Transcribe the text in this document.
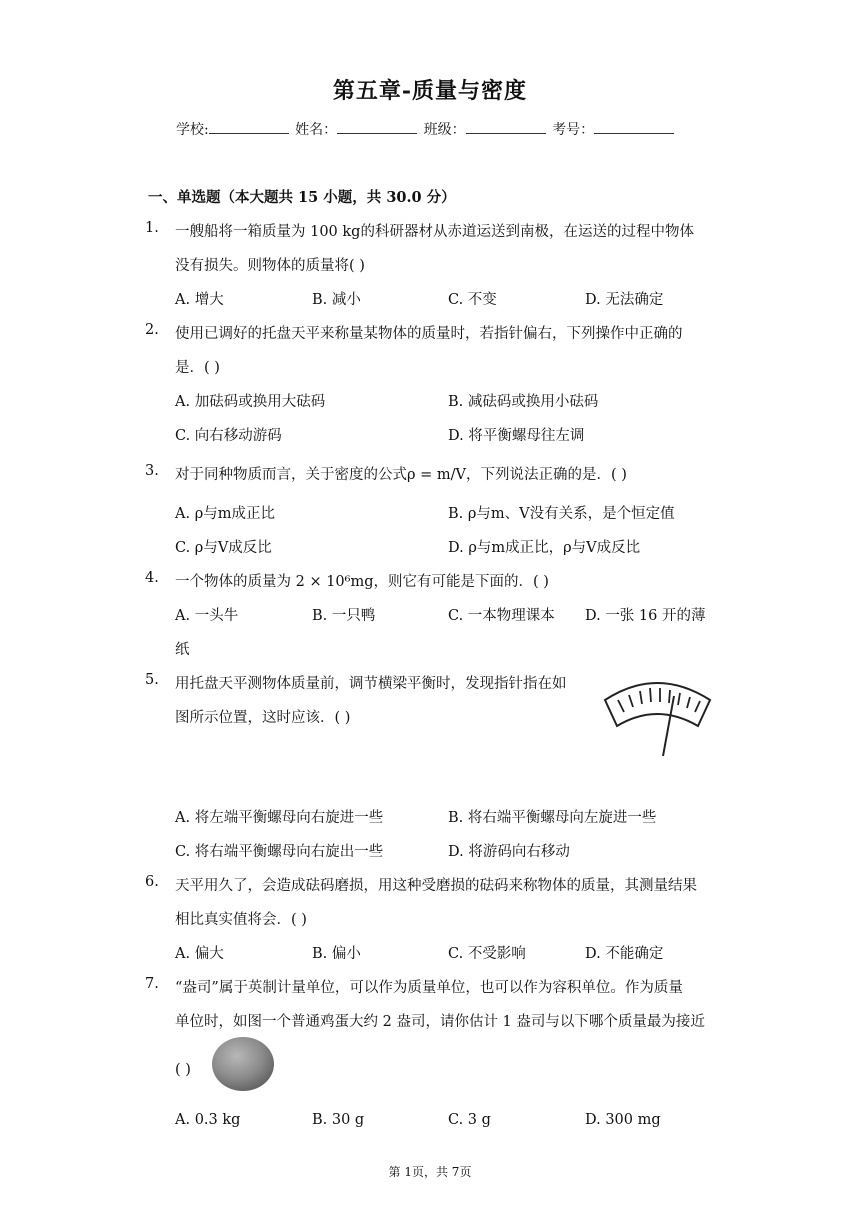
第五章-质量与密度
学校:	姓名：	班级：	考号：
一、单选题（本大题共 15 小题，共 30.0 分）
1. 一艘船将一箱质量为 100 kg的科研器材从赤道运送到南极，在运送的过程中物体
没有损失。则物体的质量将( )
A. 增大	B. 减小	C. 不变	D. 无法确定
2. 使用已调好的托盘天平来称量某物体的质量时，若指针偏右，下列操作中正确的
是．( )
A. 加砝码或换用大砝码	B. 减砝码或换用小砝码
C. 向右移动游码	D. 将平衡螺母往左调
3. 对于同种物质而言，关于密度的公式ρ = m/V，下列说法正确的是．( )
A. ρ与m成正比	B. ρ与m、V没有关系，是个恒定值
C. ρ与V成反比	D. ρ与m成正比，ρ与V成反比
4. 一个物体的质量为 2 × 10⁶mg，则它有可能是下面的．( )
A. 一头牛	B. 一只鸭	C. 一本物理课本 D. 一张 16 开的薄
纸
5. 用托盘天平测物体质量前，调节横梁平衡时，发现指针指在如
图所示位置，这时应该．( )
A. 将左端平衡螺母向右旋进一些	B. 将右端平衡螺母向左旋进一些
C. 将右端平衡螺母向右旋出一些	D. 将游码向右移动
6. 天平用久了，会造成砝码磨损，用这种受磨损的砝码来称物体的质量，其测量结果
相比真实值将会．( )
A. 偏大	B. 偏小	C. 不受影响	D. 不能确定
7. “盎司”属于英制计量单位，可以作为质量单位，也可以作为容积单位。作为质量
单位时，如图一个普通鸡蛋大约 2 盎司，请你估计 1 盎司与以下哪个质量最为接近
( )
A. 0.3 kg	B. 30 g	C. 3 g	D. 300 mg
第 1页，共 7页
